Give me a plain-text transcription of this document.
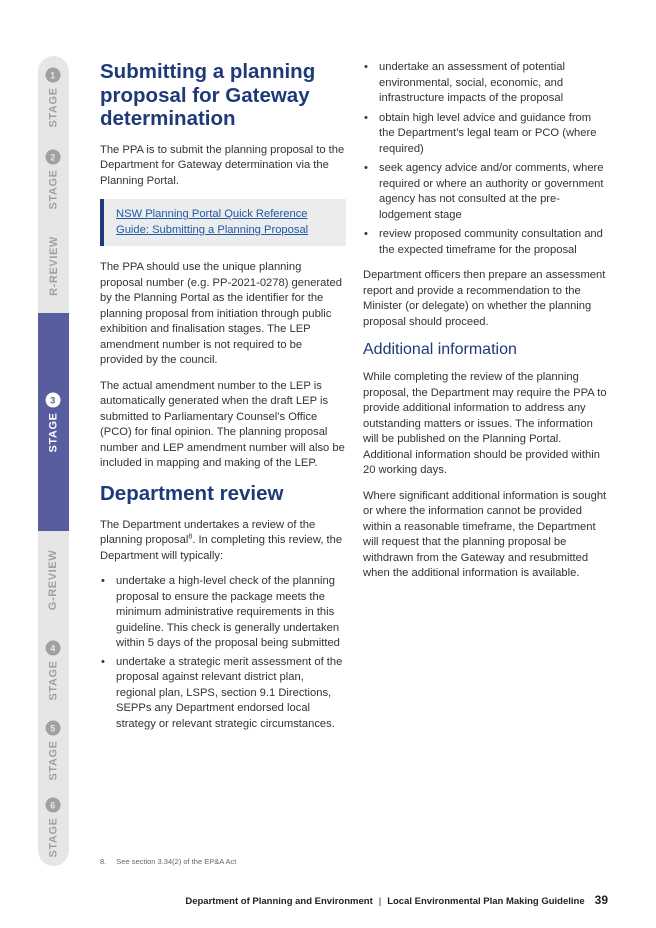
STAGE
1
STAGE
2
R-REVIEW
STAGE
3
G-REVIEW
STAGE
4
STAGE
5
STAGE
6
Submitting a planning proposal for Gateway determination

The PPA is to submit the planning proposal to the Department for Gateway determination via the Planning Portal.

NSW Planning Portal Quick Reference Guide: Submitting a Planning Proposal

The PPA should use the unique planning proposal number (e.g. PP-2021-0278) generated by the Planning Portal as the identifier for the planning proposal from initiation through public exhibition and finalisation stages. The LEP amendment number is not required to be provided by the council.

The actual amendment number to the LEP is automatically generated when the draft LEP is submitted to Parliamentary Counsel’s Office (PCO) for final opinion. The planning proposal number and LEP amendment number will also be included in mapping and making of the LEP.

Department review

The Department undertakes a review of the planning proposal$^8$. In completing this review, the Department will typically:

• undertake a high-level check of the planning proposal to ensure the package meets the minimum administrative requirements in this guideline. This check is generally undertaken within 5 days of the proposal being submitted
• undertake a strategic merit assessment of the proposal against relevant district plan, regional plan, LSPS, section 9.1 Directions, SEPPs any Department endorsed local strategy or relevant strategic circumstances.
• undertake an assessment of potential environmental, social, economic, and infrastructure impacts of the proposal
• obtain high level advice and guidance from the Department’s legal team or PCO (where required)
• seek agency advice and/or comments, where required or where an authority or government agency has not consulted at the pre-lodgement stage
• review proposed community consultation and the expected timeframe for the proposal

Department officers then prepare an assessment report and provide a recommendation to the Minister (or delegate) on whether the planning proposal should proceed.

Additional information

While completing the review of the planning proposal, the Department may require the PPA to provide additional information to address any outstanding matters or issues. The information will be published on the Planning Portal. Additional information should be provided within 20 working days.

Where significant additional information is sought or where the information cannot be provided within a reasonable timeframe, the Department will request that the planning proposal be withdrawn from the Gateway and resubmitted when the additional information is available.

8. See section 3.34(2) of the EP&A Act
Department of Planning and Environment | Local Environmental Plan Making Guideline 39
